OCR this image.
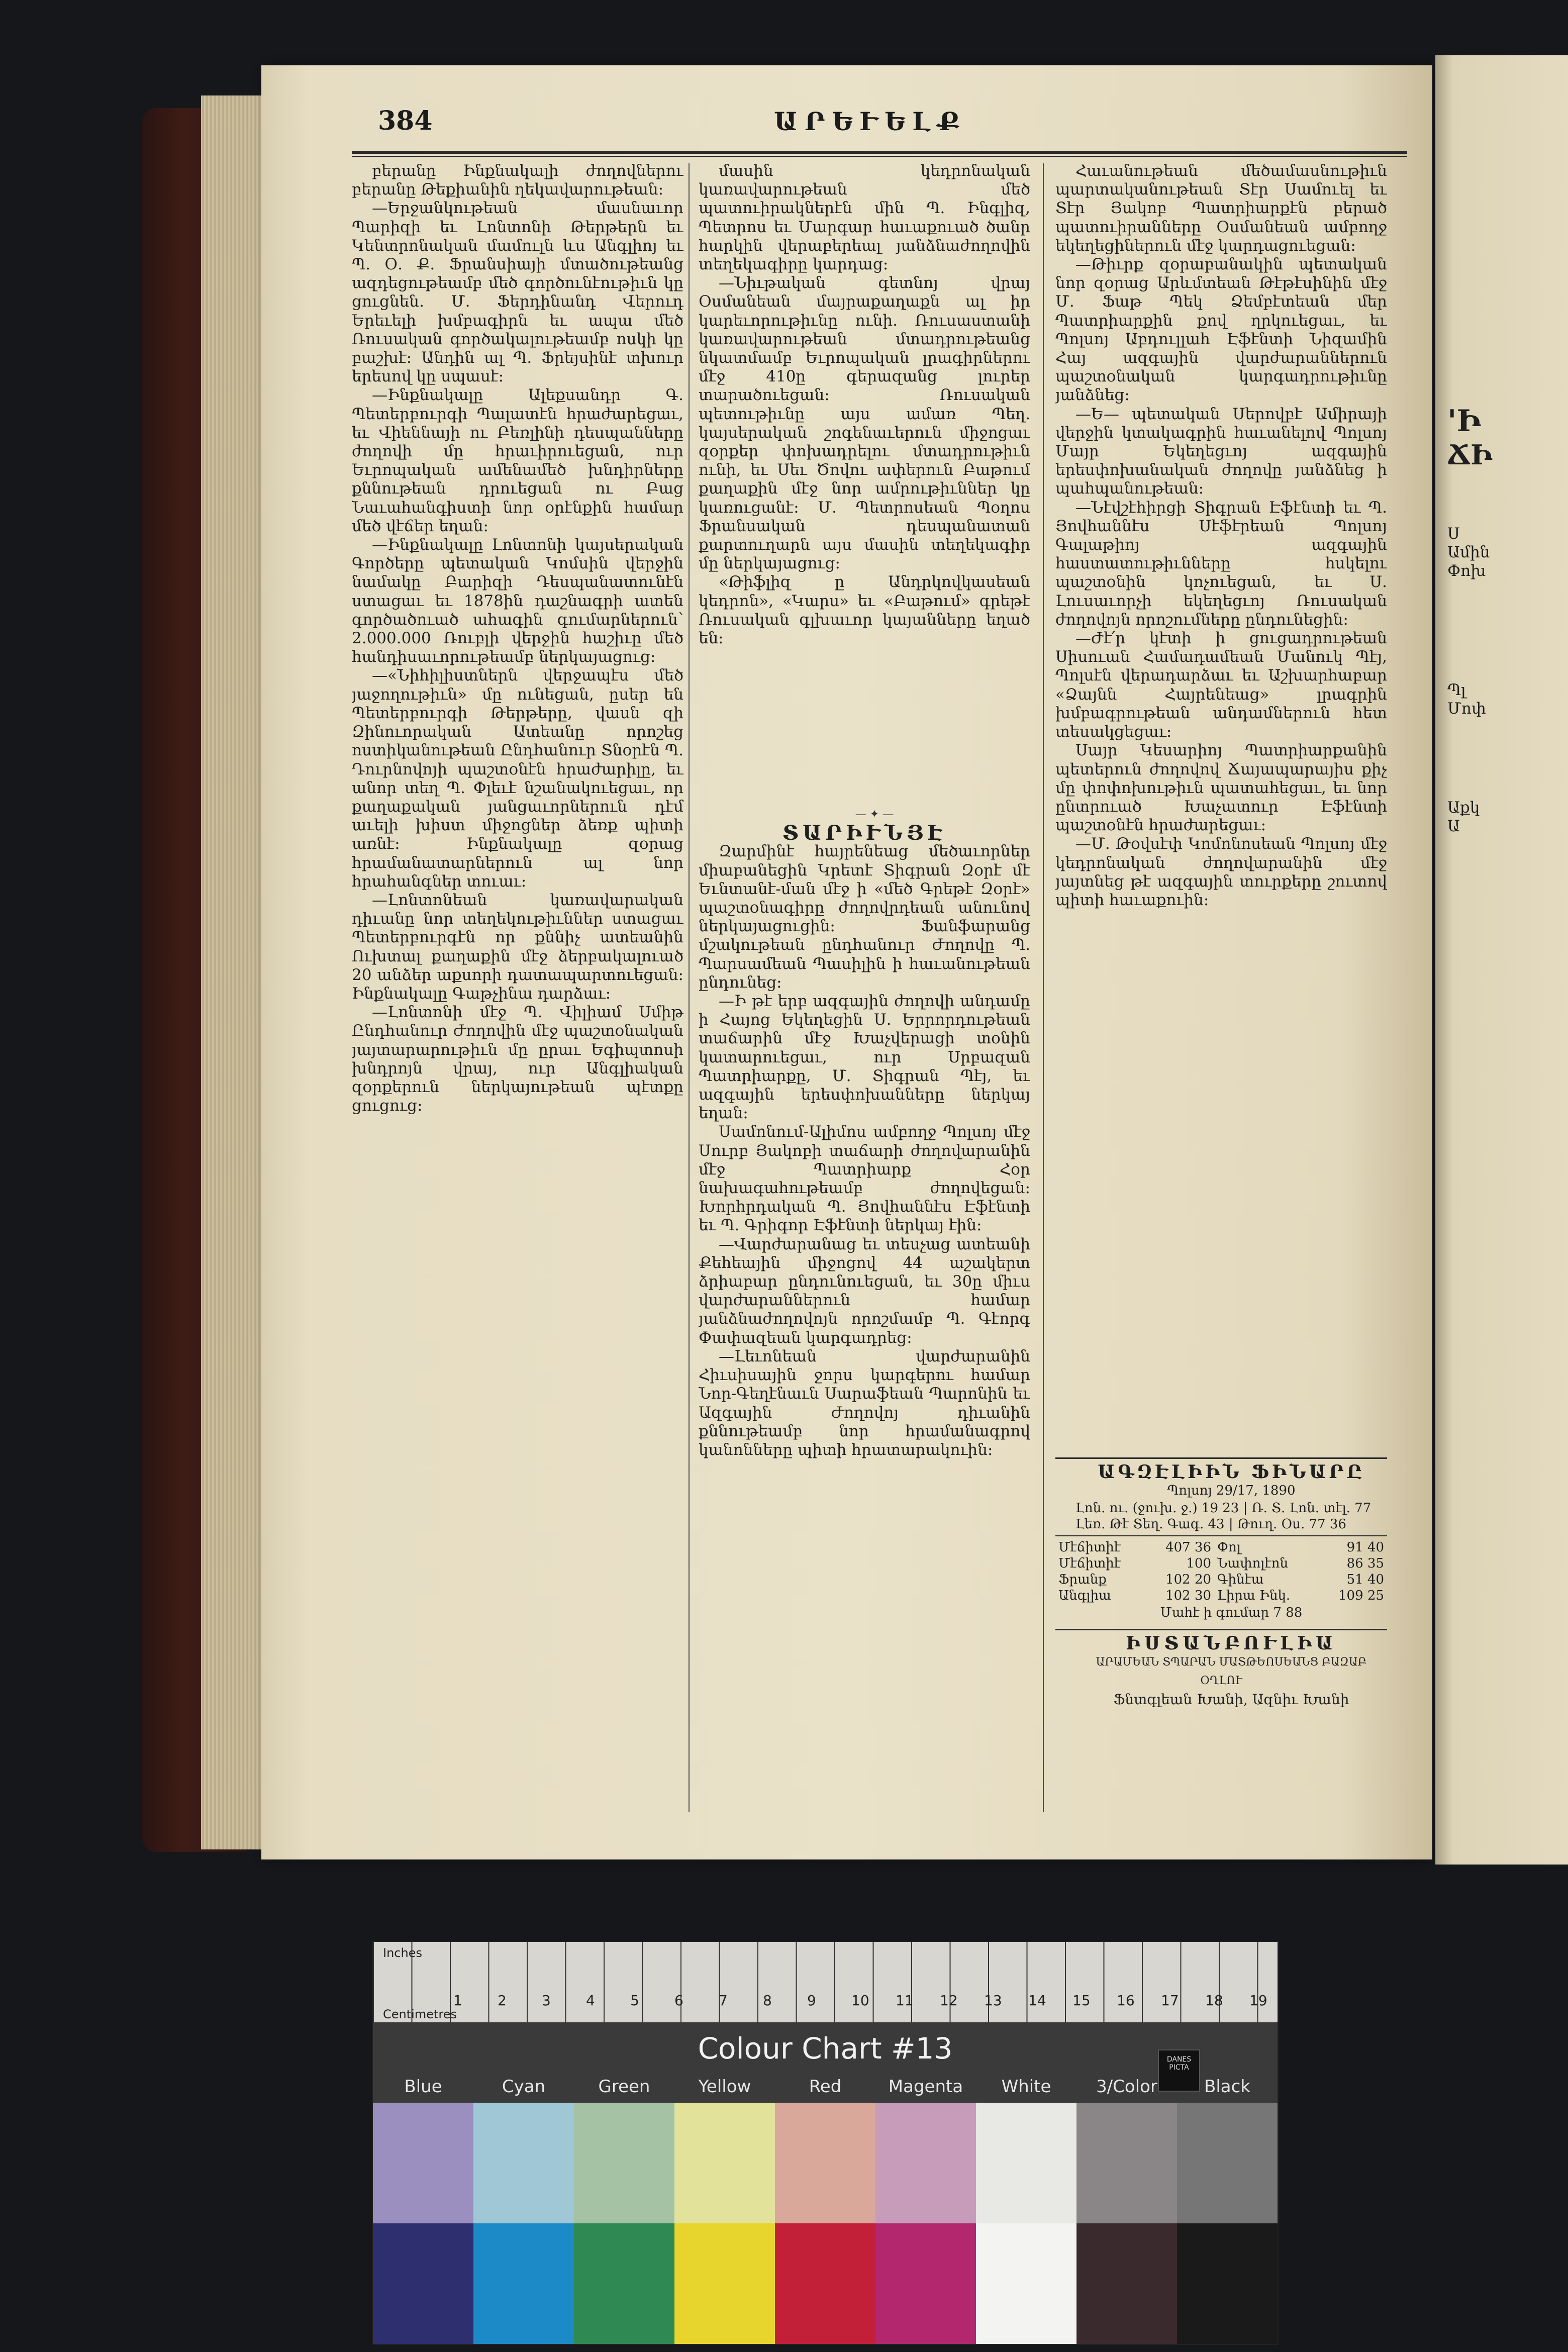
384	ԱՐԵՒԵԼՔ

բերանը Ինքնակալի ժողովներու բերանը Թեքիանին ղեկավարութեան։

—Երջանկութեան մասնաւոր Պարիզի եւ Լոնտոնի Թերթերն եւ Կենտրոնական մամուլն ևս Անգլիոյ եւ Պ. Օ. Ք. Ֆրանսիայի մտածութեանց ազդեցութեամբ մեծ գործունէութիւն կը ցուցնեն․ Մ. Ֆերդինանդ Վերուդ Երեւելի խմբագիրն եւ ապա մեծ Ռուսական գործակալութեամբ ոսկի կը բաշխէ։ Անդին ալ Պ. Ֆրեյսինէ տխուր երեսով կը սպասէ։

—Ինքնակալը Ալեքսանդր Գ. Պետերբուրգի Պալատէն հրաժարեցաւ, եւ Վիեննայի ու Բեռլինի դեսպանները ժողովի մը հրաւիրուեցան, ուր Եւրոպական ամենամեծ խնդիրները քննութեան դրուեցան ու Բաց Նաւահանգիստի նոր օրէնքին համար մեծ վէճեր եղան։

—Ինքնակալը Լոնտոնի կայսերական Գործերը պետական Կոմսին վերջին նամակը Բարիզի Դեսպանատունէն ստացաւ եւ 1878ին դաշնագրի ատեն գործածուած ահագին գումարներուն՝ 2.000.000 Ռուբլի վերջին հաշիւը մեծ հանդիսաւորութեամբ ներկայացուց։

—«Նիհիլիստներն վերջապէս մեծ յաջողութիւն» մը ունեցան, ըսեր են Պետերբուրգի Թերթերը, վասն զի Զինուորական Ատեանը որոշեց ոստիկանութեան Ընդհանուր Տնօրէն Պ. Դուրնովոյի պաշտօնէն հրաժարիլը, եւ անոր տեղ Պ. Փլեւէ նշանակուեցաւ, որ քաղաքական յանցաւորներուն դէմ աւելի խիստ միջոցներ ձեռք պիտի առնէ։ Ինքնակալը զօրաց հրամանատարներուն ալ նոր հրահանգներ տուաւ։

—Լոնտոնեան կառավարական դիւանը նոր տեղեկութիւններ ստացաւ Պետերբուրգէն որ քննիչ ատեանին Ուխտալ քաղաքին մէջ ձերբակալուած 20 անձեր աքսորի դատապարտուեցան։ Ինքնակալը Գաթչինա դարձաւ։

—Լոնտոնի մէջ Պ. Վիլիամ Սմիթ Ընդհանուր Ժողովին մէջ պաշտօնական յայտարարութիւն մը ըրաւ Եգիպտոսի խնդրոյն վրայ, ուր Անգլիական զօրքերուն ներկայութեան պէտքը ցուցուց։

մասին կեդրոնական կառավարութեան մեծ պատուիրակներէն մին Պ. Ինգլիզ, Պետրոս եւ Մարգար հաւաքուած ծանր հարկին վերաբերեալ յանձնաժողովին տեղեկագիրը կարդաց։

—Նիւթական գետնոյ վրայ Օսմանեան մայրաքաղաքն ալ իր կարեւորութիւնը ունի. Ռուսաստանի կառավարութեան մտադրութեանց նկատմամբ Եւրոպական լրագիրներու մէջ 410ը գերազանց լուրեր տարածուեցան։ Ռուսական պետութիւնը այս ամառ Պեղ. կայսերական շոգենաւերուն միջոցաւ զօրքեր փոխադրելու մտադրութիւն ունի, եւ Սեւ Ծովու ափերուն Բաթում քաղաքին մէջ նոր ամրութիւններ կը կառուցանէ։ Մ. Պետրոսեան Պօղոս Ֆրանսական դեսպանատան քարտուղարն այս մասին տեղեկագիր մը ներկայացուց։

«Թիֆլիզ ը Անդրկովկասեան կեդրոն», «Կարս» եւ «Բաթում» գրեթէ Ռուսական գլխաւոր կայանները եղած են։

— ✦ —

ՏԱՐԻՒՆՅԷ

Զարմինէ հայրենեաց մեծաւորներ միաբանեցին Կրետէ Տիգրան Զօրէ մէ Եւնտանէ-ման մէջ ի «մեծ Գրեթէ Զօրէ» պաշտօնագիրը ժողովրդեան անունով ներկայացուցին։ Ֆանֆարանց մշակութեան ընդհանուր Ժողովը Պ. Պարսամեան Պասիլին ի հաւանութեան ընդունեց։

—Ի թէ երբ ազգային ժողովի անդամը ի Հայոց Եկեղեցին Ս. Երրորդութեան տաճարին մէջ Խաչվերացի տօնին կատարուեցաւ, ուր Սրբազան Պատրիարքը, Մ. Տիգրան Պէյ, եւ ազգային երեսփոխանները ներկայ եղան։

Սամոնում-Ալիմոս ամբողջ Պոլսոյ մէջ Սուրբ Յակոբի տաճարի ժողովարանին մէջ Պատրիարք Հօր նախագահութեամբ ժողովեցան։ Խորհրդական Պ. Յովհաննէս Էֆէնտի եւ Պ. Գրիգոր Էֆէնտի ներկայ էին։

—Վարժարանաց եւ տեսչաց ատեանի Քեհեային միջոցով 44 աշակերտ ձրիաբար ընդունուեցան, եւ 30ը միւս վարժարաններուն համար յանձնաժողովոյն որոշմամբ Պ. Գէորգ Փափազեան կարգադրեց։

—Լեւոնեան վարժարանին Հիւսիսային ջորս կարգերու համար Նոր-Գեղէնաւն Սարաֆեան Պարոնին եւ Ազգային Ժողովոյ դիւանին քննութեամբ նոր հրամանագրով կանոնները պիտի հրատարակուին։

Հաւանութեան մեծամասնութիւն պարտականութեան Տէր Սամուել եւ Տէր Յակոբ Պատրիարքէն բերած պատուիրանները Օսմանեան ամբողջ եկեղեցիներուն մէջ կարդացուեցան։

—Թիւրք զօրաբանակին պետական նոր զօրաց Արևմտեան Թէթէսինին մէջ Մ. Ֆաթ Պեկ Ձեմբէտեան մեր Պատրիարքին քով ղրկուեցաւ, եւ Պոլսոյ Աբդուլլահ Էֆէնտի Նիզամին Հայ ազգային վարժարաններուն պաշտօնական կարգադրութիւնը յանձնեց։

—Ե— պետական Սերովբէ Ամիրայի վերջին կտակագրին հաւանելով Պոլսոյ Մայր Եկեղեցւոյ ազգային երեսփոխանական ժողովը յանձնեց ի պահպանութեան։

—Նէվշէհիրցի Տիգրան Էֆէնտի եւ Պ. Յովհաննէս Սէֆէրեան Պոլսոյ Գալաթիոյ ազգային հաստատութիւնները հսկելու պաշտօնին կոչուեցան, եւ Ս. Լուսաւորչի եկեղեցւոյ Ռուսական ժողովոյն որոշումները ընդունեցին։

—Ժէ՛ր կէտի ի ցուցադրութեան Սիսուան Համադամեան Մանուկ Պէյ, Պոլսէն վերադարձաւ եւ Աշխարհաբար «Ձայնն Հայրենեաց» լրագրին խմբագրութեան անդամներուն հետ տեսակցեցաւ։

Սայր Կեսարիոյ Պատրիարքանին պետերուն ժողովով Ճայապարայիս քիչ մը փոփոխութիւն պատահեցաւ, եւ նոր ընտրուած Խաչատուր Էֆէնտի պաշտօնէն հրաժարեցաւ։

—Մ. Թօվսէփ Կոմոնոսեան Պոլսոյ մէջ կեդրոնական ժողովարանին մէջ յայտնեց թէ ազգային տուրքերը շուտով պիտի հաւաքուին։

ԱԳԶԷԼԻԻՆ ՖԻՆԱՐԸ

Պոլսոյ 29/17, 1890

Լոն. ու. (ջուխ. ջ.) 19 23 | Ռ. Տ. Լոն. տէլ. 77

Լեռ. Թէ Տեղ. Գագ. 43 | Թուղ. Օս. 77 36

Մէճիտիէ	407 36	Փոլ	91 40
Մէճիտիէ	100	Նափոլէոն	86 35
Ֆրանք	102 20	Գինէա	51 40
Անգլիա	102 30	Լիրա Ինկ.	109 25

Մահէ ի գումար 7 88

ԻՍՏԱՆԲՈՒԼԻԱ

ԱՐԱՄԵԱՆ ՏՊԱՐԱՆ ՄԱՏԹԵՈՍԵԱՆՑ ԲԱԶԱԲ ՕՂԼՈՒ

Ֆնտգլեան Խանի, Ազնիւ Խանի

'Ի
ՃԻ
Ս
Ամին
Փոխ
Պլ
Մոփ
Աքկ
Ա
Inches
Centimetres
1	2	3	4	5	6	7	8	9	10 11 12 13 14 15 16 17 18 19
Colour Chart #13	DANES PICTA
Blue	Cyan	Green	Yellow	Red	Magenta	White	3/Color	Black
